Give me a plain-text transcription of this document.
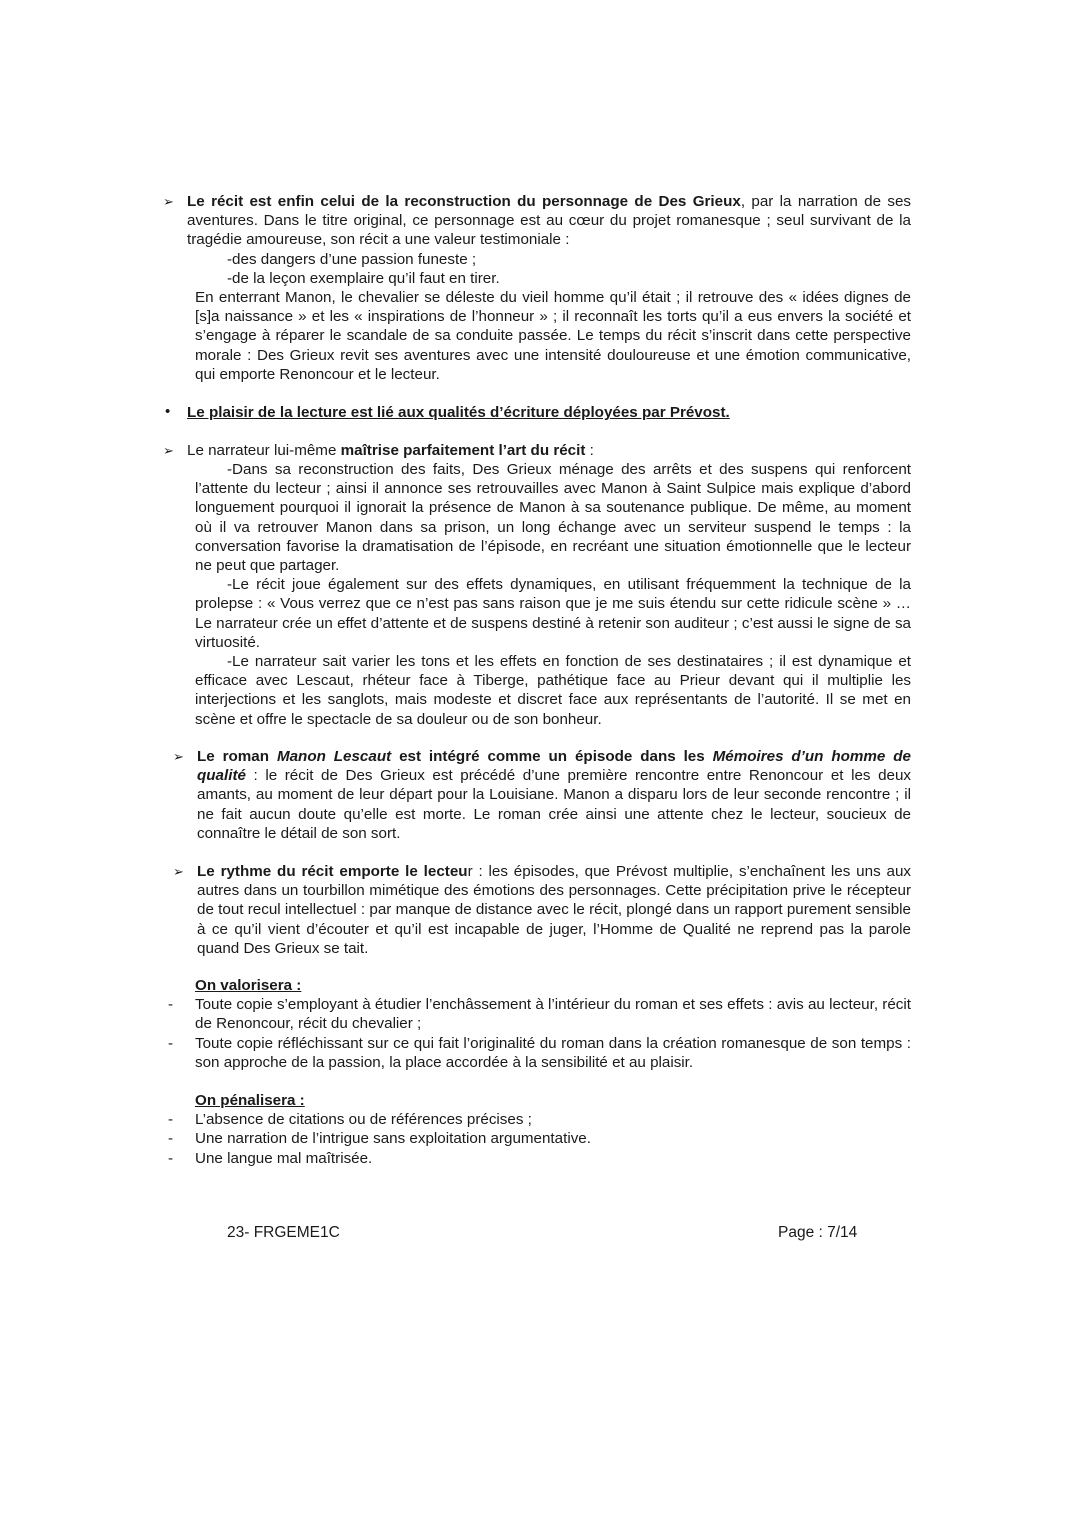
➢ Le récit est enfin celui de la reconstruction du personnage de Des Grieux, par la narration de ses aventures. Dans le titre original, ce personnage est au cœur du projet romanesque ; seul survivant de la tragédie amoureuse, son récit a une valeur testimoniale :

-des dangers d’une passion funeste ;
-de la leçon exemplaire qu’il faut en tirer.
En enterrant Manon, le chevalier se déleste du vieil homme qu’il était ; il retrouve des « idées dignes de [s]a naissance » et les « inspirations de l’honneur » ; il reconnaît les torts qu’il a eus envers la société et s’engage à réparer le scandale de sa conduite passée. Le temps du récit s’inscrit dans cette perspective morale : Des Grieux revit ses aventures avec une intensité douloureuse et une émotion communicative, qui emporte Renoncour et le lecteur.
• Le plaisir de la lecture est lié aux qualités d’écriture déployées par Prévost.
➢ Le narrateur lui-même maîtrise parfaitement l’art du récit :

-Dans sa reconstruction des faits, Des Grieux ménage des arrêts et des suspens qui renforcent l’attente du lecteur ; ainsi il annonce ses retrouvailles avec Manon à Saint Sulpice mais explique d’abord longuement pourquoi il ignorait la présence de Manon à sa soutenance publique. De même, au moment où il va retrouver Manon dans sa prison, un long échange avec un serviteur suspend le temps : la conversation favorise la dramatisation de l’épisode, en recréant une situation émotionnelle que le lecteur ne peut que partager.

-Le récit joue également sur des effets dynamiques, en utilisant fréquemment la technique de la prolepse : « Vous verrez que ce n’est pas sans raison que je me suis étendu sur cette ridicule scène » … Le narrateur crée un effet d’attente et de suspens destiné à retenir son auditeur ; c’est aussi le signe de sa virtuosité.

-Le narrateur sait varier les tons et les effets en fonction de ses destinataires ; il est dynamique et efficace avec Lescaut, rhéteur face à Tiberge, pathétique face au Prieur devant qui il multiplie les interjections et les sanglots, mais modeste et discret face aux représentants de l’autorité. Il se met en scène et offre le spectacle de sa douleur ou de son bonheur.

➢ Le roman Manon Lescaut est intégré comme un épisode dans les Mémoires d’un homme de qualité : le récit de Des Grieux est précédé d’une première rencontre entre Renoncour et les deux amants, au moment de leur départ pour la Louisiane. Manon a disparu lors de leur seconde rencontre ; il ne fait aucun doute qu’elle est morte. Le roman crée ainsi une attente chez le lecteur, soucieux de connaître le détail de son sort.
➢ Le rythme du récit emporte le lecteur : les épisodes, que Prévost multiplie, s’enchaînent les uns aux autres dans un tourbillon mimétique des émotions des personnages. Cette précipitation prive le récepteur de tout recul intellectuel : par manque de distance avec le récit, plongé dans un rapport purement sensible à ce qu’il vient d’écouter et qu’il est incapable de juger, l’Homme de Qualité ne reprend pas la parole quand Des Grieux se tait.
On valorisera :
- Toute copie s’employant à étudier l’enchâssement à l’intérieur du roman et ses effets : avis au lecteur, récit de Renoncour, récit du chevalier ;
- Toute copie réfléchissant sur ce qui fait l’originalité du roman dans la création romanesque de son temps : son approche de la passion, la place accordée à la sensibilité et au plaisir.
On pénalisera :
- L’absence de citations ou de références précises ;
- Une narration de l’intrigue sans exploitation argumentative.
- Une langue mal maîtrisée.
23- FRGEME1C	Page : 7/14
